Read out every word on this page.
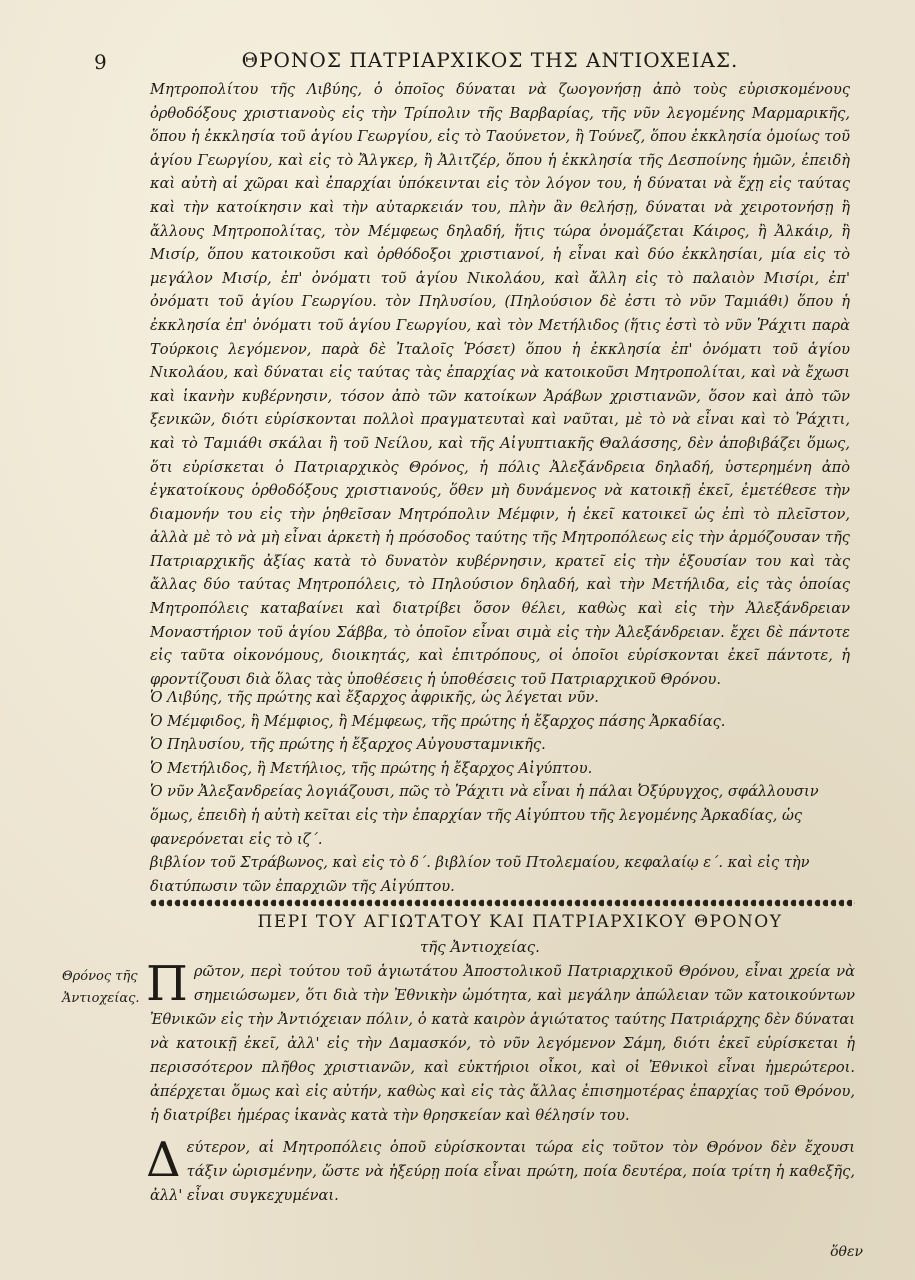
9	ΘΡΟΝΟΣ ΠΑΤΡΙΑΡΧΙΚΟΣ ΤΗΣ ΑΝΤΙΟΧΕΙΑΣ.

Μητροπολίτου τῆς Λιβύης, ὁ ὁποῖος δύναται νὰ ζωογονήσῃ ἀπὸ τοὺς εὑρισκομένους ὀρθοδόξους χριστιανοὺς εἰς τὴν Τρίπολιν τῆς Βαρβαρίας, τῆς νῦν λεγομένης Μαρμαρικῆς, ὅπου ἡ ἐκκλησία τοῦ ἁγίου Γεωργίου, εἰς τὸ Ταούνετον, ἢ Τούνεζ, ὅπου ἐκκλησία ὁμοίως τοῦ ἁγίου Γεωργίου, καὶ εἰς τὸ Ἄλγκερ, ἢ Ἀλιτζέρ, ὅπου ἡ ἐκκλησία τῆς Δεσποίνης ἡμῶν, ἐπειδὴ καὶ αὐτὴ αἱ χῶραι καὶ ἐπαρχίαι ὑπόκεινται εἰς τὸν λόγον του, ἡ δύναται νὰ ἔχῃ εἰς ταύτας καὶ τὴν κατοίκησιν καὶ τὴν αὐταρκειάν του, πλὴν ἂν θελήσῃ, δύναται νὰ χειροτονήσῃ ἢ ἄλλους Μητροπολίτας, τὸν Μέμφεως δηλαδή, ἥτις τώρα ὀνομάζεται Κάιρος, ἢ Ἀλκάιρ, ἢ Μισίρ, ὅπου κατοικοῦσι καὶ ὀρθόδοξοι χριστιανοί, ἡ εἶναι καὶ δύο ἐκκλησίαι, μία εἰς τὸ μεγάλον Μισίρ, ἐπ' ὀνόματι τοῦ ἁγίου Νικολάου, καὶ ἄλλη εἰς τὸ παλαιὸν Μισίρι, ἐπ' ὀνόματι τοῦ ἁγίου Γεωργίου. τὸν Πηλυσίου, (Πηλούσιον δὲ ἐστι τὸ νῦν Ταμιάθι) ὅπου ἡ ἐκκλησία ἐπ' ὀνόματι τοῦ ἁγίου Γεωργίου, καὶ τὸν Μετήλιδος (ἥτις ἐστὶ τὸ νῦν Ῥάχιτι παρὰ Τούρκοις λεγόμενον, παρὰ δὲ Ἰταλοῖς Ῥόσετ) ὅπου ἡ ἐκκλησία ἐπ' ὀνόματι τοῦ ἁγίου Νικολάου, καὶ δύναται εἰς ταύτας τὰς ἐπαρχίας νὰ κατοικοῦσι Μητροπολίται, καὶ νὰ ἔχωσι καὶ ἱκανὴν κυβέρνησιν, τόσον ἀπὸ τῶν κατοίκων Ἀράβων χριστιανῶν, ὅσον καὶ ἀπὸ τῶν ξενικῶν, διότι εὑρίσκονται πολλοὶ πραγματευταὶ καὶ ναῦται, μὲ τὸ νὰ εἶναι καὶ τὸ Ῥάχιτι, καὶ τὸ Ταμιάθι σκάλαι ἢ τοῦ Νείλου, καὶ τῆς Αἰγυπτιακῆς Θαλάσσης, δὲν ἀποβιβάζει ὅμως, ὅτι εὑρίσκεται ὁ Πατριαρχικὸς Θρόνος, ἡ πόλις Ἀλεξάνδρεια δηλαδή, ὑστερημένη ἀπὸ ἐγκατοίκους ὀρθοδόξους χριστιανούς, ὅθεν μὴ δυνάμενος νὰ κατοικῇ ἐκεῖ, ἐμετέθεσε τὴν διαμονήν του εἰς τὴν ῥηθεῖσαν Μητρόπολιν Μέμφιν, ἡ ἐκεῖ κατοικεῖ ὡς ἐπὶ τὸ πλεῖστον, ἀλλὰ μὲ τὸ νὰ μὴ εἶναι ἀρκετὴ ἡ πρόσοδος ταύτης τῆς Μητροπόλεως εἰς τὴν ἁρμόζουσαν τῆς Πατριαρχικῆς ἀξίας κατὰ τὸ δυνατὸν κυβέρνησιν, κρατεῖ εἰς τὴν ἐξουσίαν του καὶ τὰς ἄλλας δύο ταύτας Μητροπόλεις, τὸ Πηλούσιον δηλαδή, καὶ τὴν Μετήλιδα, εἰς τὰς ὁποίας Μητροπόλεις καταβαίνει καὶ διατρίβει ὅσον θέλει, καθὼς καὶ εἰς τὴν Ἀλεξάνδρειαν Μοναστήριον τοῦ ἁγίου Σάββα, τὸ ὁποῖον εἶναι σιμὰ εἰς τὴν Ἀλεξάνδρειαν. ἔχει δὲ πάντοτε εἰς ταῦτα οἰκονόμους, διοικητάς, καὶ ἐπιτρόπους, οἱ ὁποῖοι εὑρίσκονται ἐκεῖ πάντοτε, ἡ φροντίζουσι διὰ ὅλας τὰς ὑποθέσεις ἡ ὑποθέσεις τοῦ Πατριαρχικοῦ Θρόνου.

Ὁ Λιβύης, τῆς πρώτης καὶ ἔξαρχος ἀφρικῆς, ὡς λέγεται νῦν.
Ὁ Μέμφιδος, ἢ Μέμφιος, ἢ Μέμφεως, τῆς πρώτης ἡ ἔξαρχος πάσης Ἀρκαδίας.
Ὁ Πηλυσίου, τῆς πρώτης ἡ ἔξαρχος Αὐγουσταμνικῆς.
Ὁ Μετήλιδος, ἢ Μετήλιος, τῆς πρώτης ἡ ἔξαρχος Αἰγύπτου.
Ὁ νῦν Ἀλεξανδρείας λογιάζουσι, πῶς τὸ Ῥάχιτι νὰ εἶναι ἡ πάλαι Ὀξύρυγχος, σφάλλουσιν ὅμως, ἐπειδὴ ἡ αὐτὴ κεῖται εἰς τὴν ἐπαρχίαν τῆς Αἰγύπτου τῆς λεγομένης Ἀρκαδίας, ὡς φανερόνεται εἰς τὸ ιζ΄.
βιβλίον τοῦ Στράβωνος, καὶ εἰς τὸ δ΄. βιβλίον τοῦ Πτολεμαίου, κεφαλαίῳ ε΄. καὶ εἰς τὴν διατύπωσιν τῶν ἐπαρχιῶν τῆς Αἰγύπτου.
ΠΕΡΙ ΤΟΥ ΑΓΙΩΤΑΤΟΥ ΚΑΙ ΠΑΤΡΙΑΡΧΙΚΟΥ ΘΡΟΝΟΥ
τῆς Ἀντιοχείας.
Θρόνος τῆς Ἀντιοχείας. Πρῶτον, περὶ τούτου τοῦ ἁγιωτάτου Ἀποστολικοῦ Πατριαρχικοῦ Θρόνου, εἶναι χρεία νὰ σημειώσωμεν, ὅτι διὰ τὴν Ἐθνικὴν ὠμότητα, καὶ μεγάλην ἀπώλειαν τῶν κατοικούντων Ἐθνικῶν εἰς τὴν Ἀντιόχειαν πόλιν, ὁ κατὰ καιρὸν ἁγιώτατος ταύτης Πατριάρχης δὲν δύναται νὰ κατοικῇ ἐκεῖ, ἀλλ' εἰς τὴν Δαμασκόν, τὸ νῦν λεγόμενον Σάμη, διότι ἐκεῖ εὑρίσκεται ἡ περισσότερον πλῆθος χριστιανῶν, καὶ εὐκτήριοι οἶκοι, καὶ οἱ Ἐθνικοὶ εἶναι ἡμερώτεροι. ἀπέρχεται ὅμως καὶ εἰς αὐτήν, καθὼς καὶ εἰς τὰς ἄλλας ἐπισημοτέρας ἐπαρχίας τοῦ Θρόνου, ἡ διατρίβει ἡμέρας ἱκανὰς κατὰ τὴν θρησκείαν καὶ θέλησίν του.

Δεύτερον, αἱ Μητροπόλεις ὁποῦ εὑρίσκονται τώρα εἰς τοῦτον τὸν Θρόνον δὲν ἔχουσι τάξιν ὡρισμένην, ὥστε νὰ ἠξεύρῃ ποία εἶναι πρώτη, ποία δευτέρα, ποία τρίτη ἡ καθεξῆς, ἀλλ' εἶναι συγκεχυμέναι.

ὅθεν
